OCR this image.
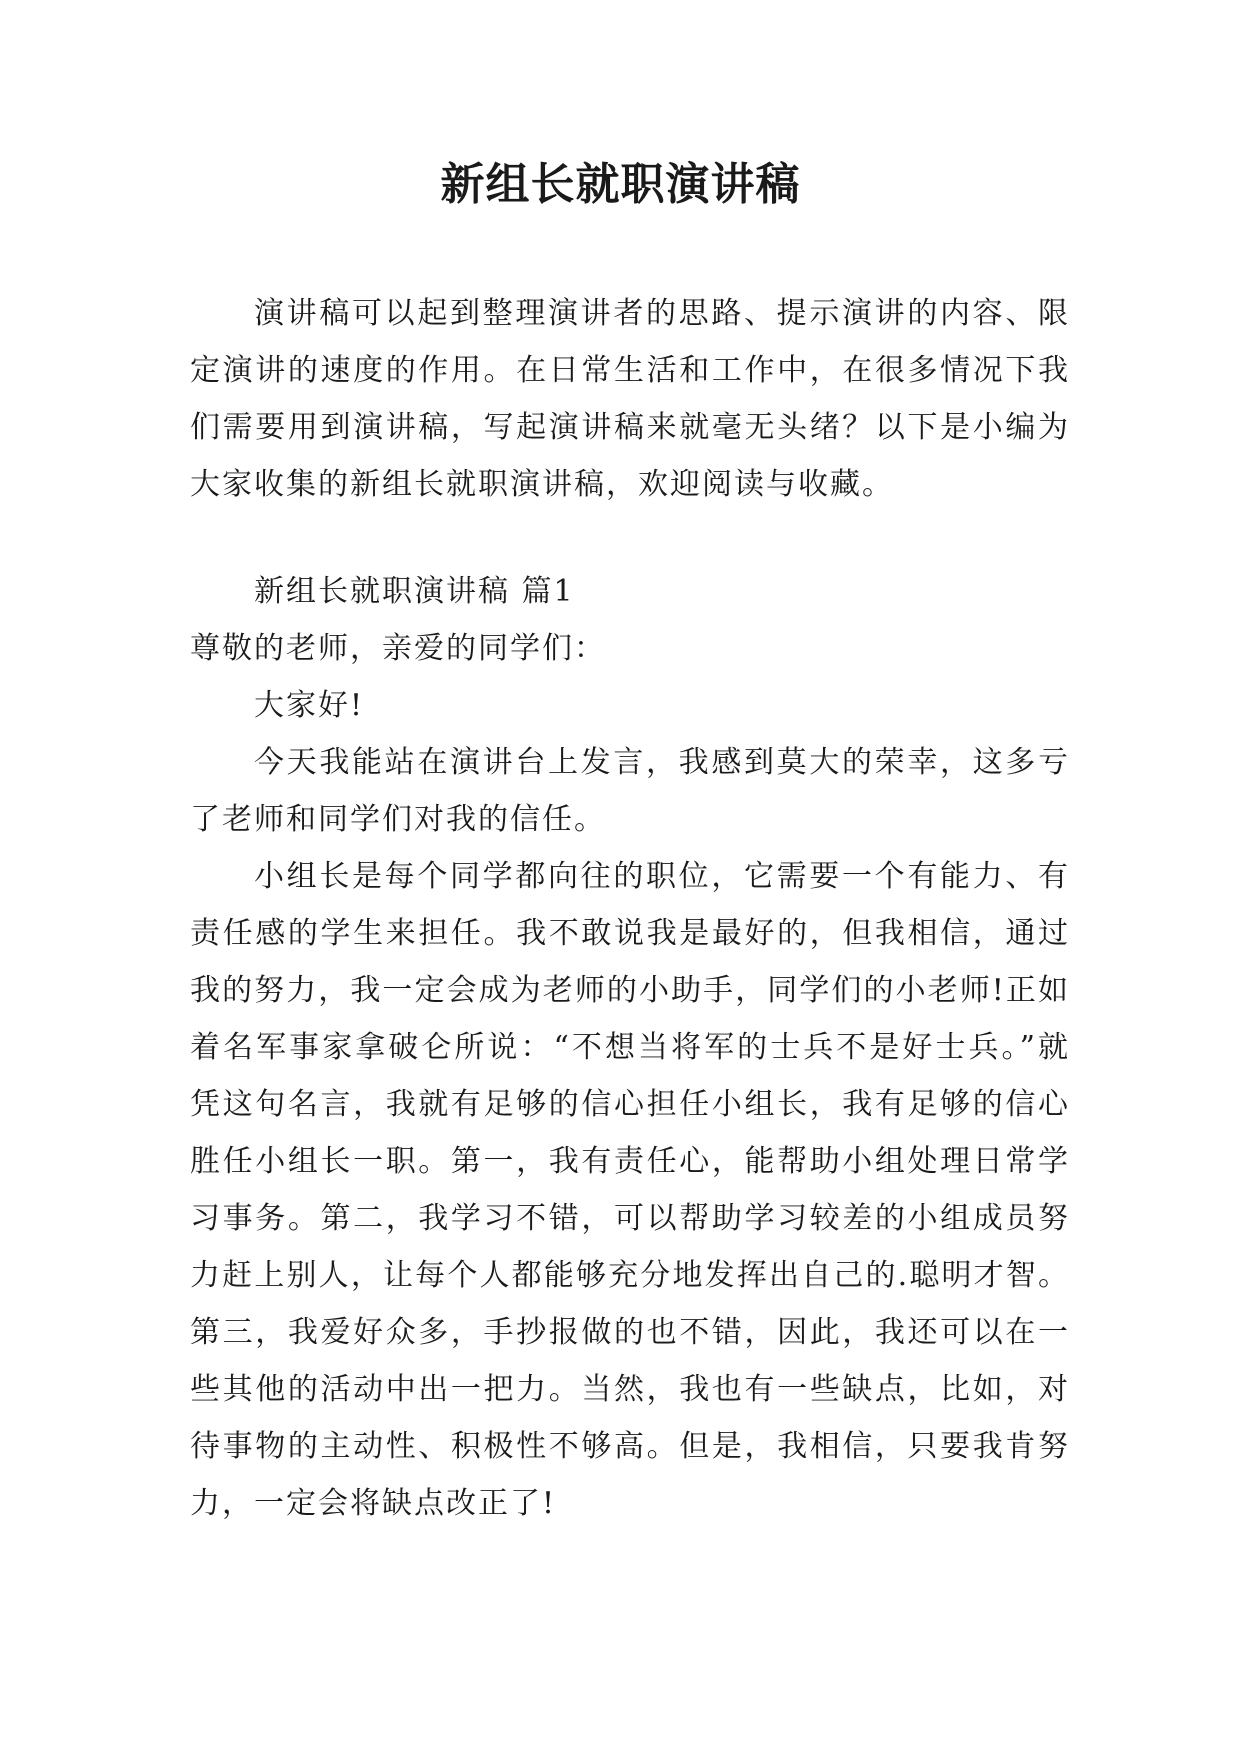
新组长就职演讲稿

演讲稿可以起到整理演讲者的思路、提示演讲的内容、限定演讲的速度的作用。在日常生活和工作中，在很多情况下我们需要用到演讲稿，写起演讲稿来就毫无头绪？以下是小编为大家收集的新组长就职演讲稿，欢迎阅读与收藏。

新组长就职演讲稿 篇1

尊敬的老师，亲爱的同学们：

大家好!

今天我能站在演讲台上发言，我感到莫大的荣幸，这多亏了老师和同学们对我的信任。

小组长是每个同学都向往的职位，它需要一个有能力、有责任感的学生来担任。我不敢说我是最好的，但我相信，通过我的努力，我一定会成为老师的小助手，同学们的小老师!正如着名军事家拿破仑所说：“不想当将军的士兵不是好士兵。”就凭这句名言，我就有足够的信心担任小组长，我有足够的信心胜任小组长一职。第一，我有责任心，能帮助小组处理日常学习事务。第二，我学习不错，可以帮助学习较差的小组成员努力赶上别人，让每个人都能够充分地发挥出自己的.聪明才智。第三，我爱好众多，手抄报做的也不错，因此，我还可以在一些其他的活动中出一把力。当然，我也有一些缺点，比如，对待事物的主动性、积极性不够高。但是，我相信，只要我肯努力，一定会将缺点改正了!
